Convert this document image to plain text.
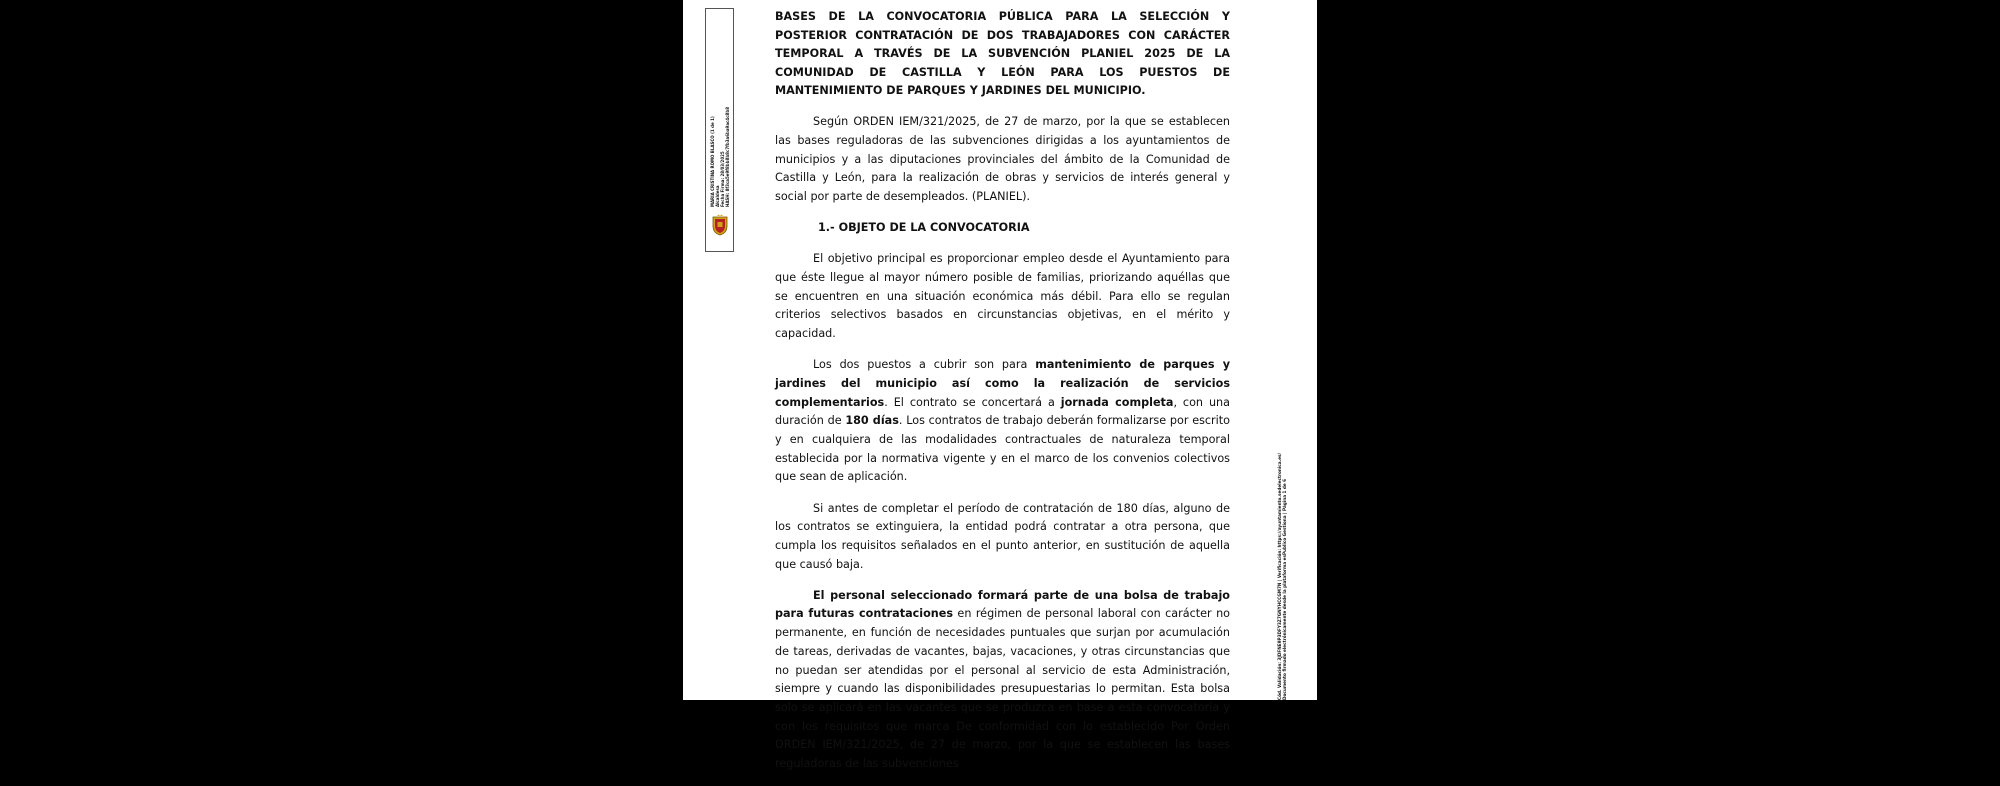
MARIA CRISTINA ROMO BLASCO (1 de 1) Alcaldesa Fecha Firma: 28/03/2025 HASH: 8f3ca5e9f8bb8b8c7fb3a6ba9ac4c8b8

BASES DE LA CONVOCATORIA PÚBLICA PARA LA SELECCIÓN Y POSTERIOR CONTRATACIÓN DE DOS TRABAJADORES CON CARÁCTER TEMPORAL A TRAVÉS DE LA SUBVENCIÓN PLANIEL 2025 DE LA COMUNIDAD DE CASTILLA Y LEÓN PARA LOS PUESTOS DE MANTENIMIENTO DE PARQUES Y JARDINES DEL MUNICIPIO.

Según ORDEN IEM/321/2025, de 27 de marzo, por la que se establecen las bases reguladoras de las subvenciones dirigidas a los ayuntamientos de municipios y a las diputaciones provinciales del ámbito de la Comunidad de Castilla y León, para la realización de obras y servicios de interés general y social por parte de desempleados. (PLANIEL).

1.- OBJETO DE LA CONVOCATORIA

El objetivo principal es proporcionar empleo desde el Ayuntamiento para que éste llegue al mayor número posible de familias, priorizando aquéllas que se encuentren en una situación económica más débil. Para ello se regulan criterios selectivos basados en circunstancias objetivas, en el mérito y capacidad.

Los dos puestos a cubrir son para mantenimiento de parques y jardines del municipio así como la realización de servicios complementarios. El contrato se concertará a jornada completa, con una duración de 180 días. Los contratos de trabajo deberán formalizarse por escrito y en cualquiera de las modalidades contractuales de naturaleza temporal establecida por la normativa vigente y en el marco de los convenios colectivos que sean de aplicación.

Si antes de completar el período de contratación de 180 días, alguno de los contratos se extinguiera, la entidad podrá contratar a otra persona, que cumpla los requisitos señalados en el punto anterior, en sustitución de aquella que causó baja.

El personal seleccionado formará parte de una bolsa de trabajo para futuras contrataciones en régimen de personal laboral con carácter no permanente, en función de necesidades puntuales que surjan por acumulación de tareas, derivadas de vacantes, bajas, vacaciones, y otras circunstancias que no puedan ser atendidas por el personal al servicio de esta Administración, siempre y cuando las disponibilidades presupuestarias lo permitan. Esta bolsa solo se aplicará en las vacantes que se produzca en base a esta convocatoria y con los requisitos que marca De conformidad con lo establecido Por Orden ORDEN IEM/321/2025, de 27 de marzo, por la que se establecen las bases reguladoras de las subvenciones

Cód. Validación: 3JDFNE9P3DFY3Z7GNYHCCGM7N | Verificación: https://ayuntamiento.sedelectronica.es/ Documento firmado electrónicamente desde la plataforma esPublico Gestiona | Página 1 de 6
